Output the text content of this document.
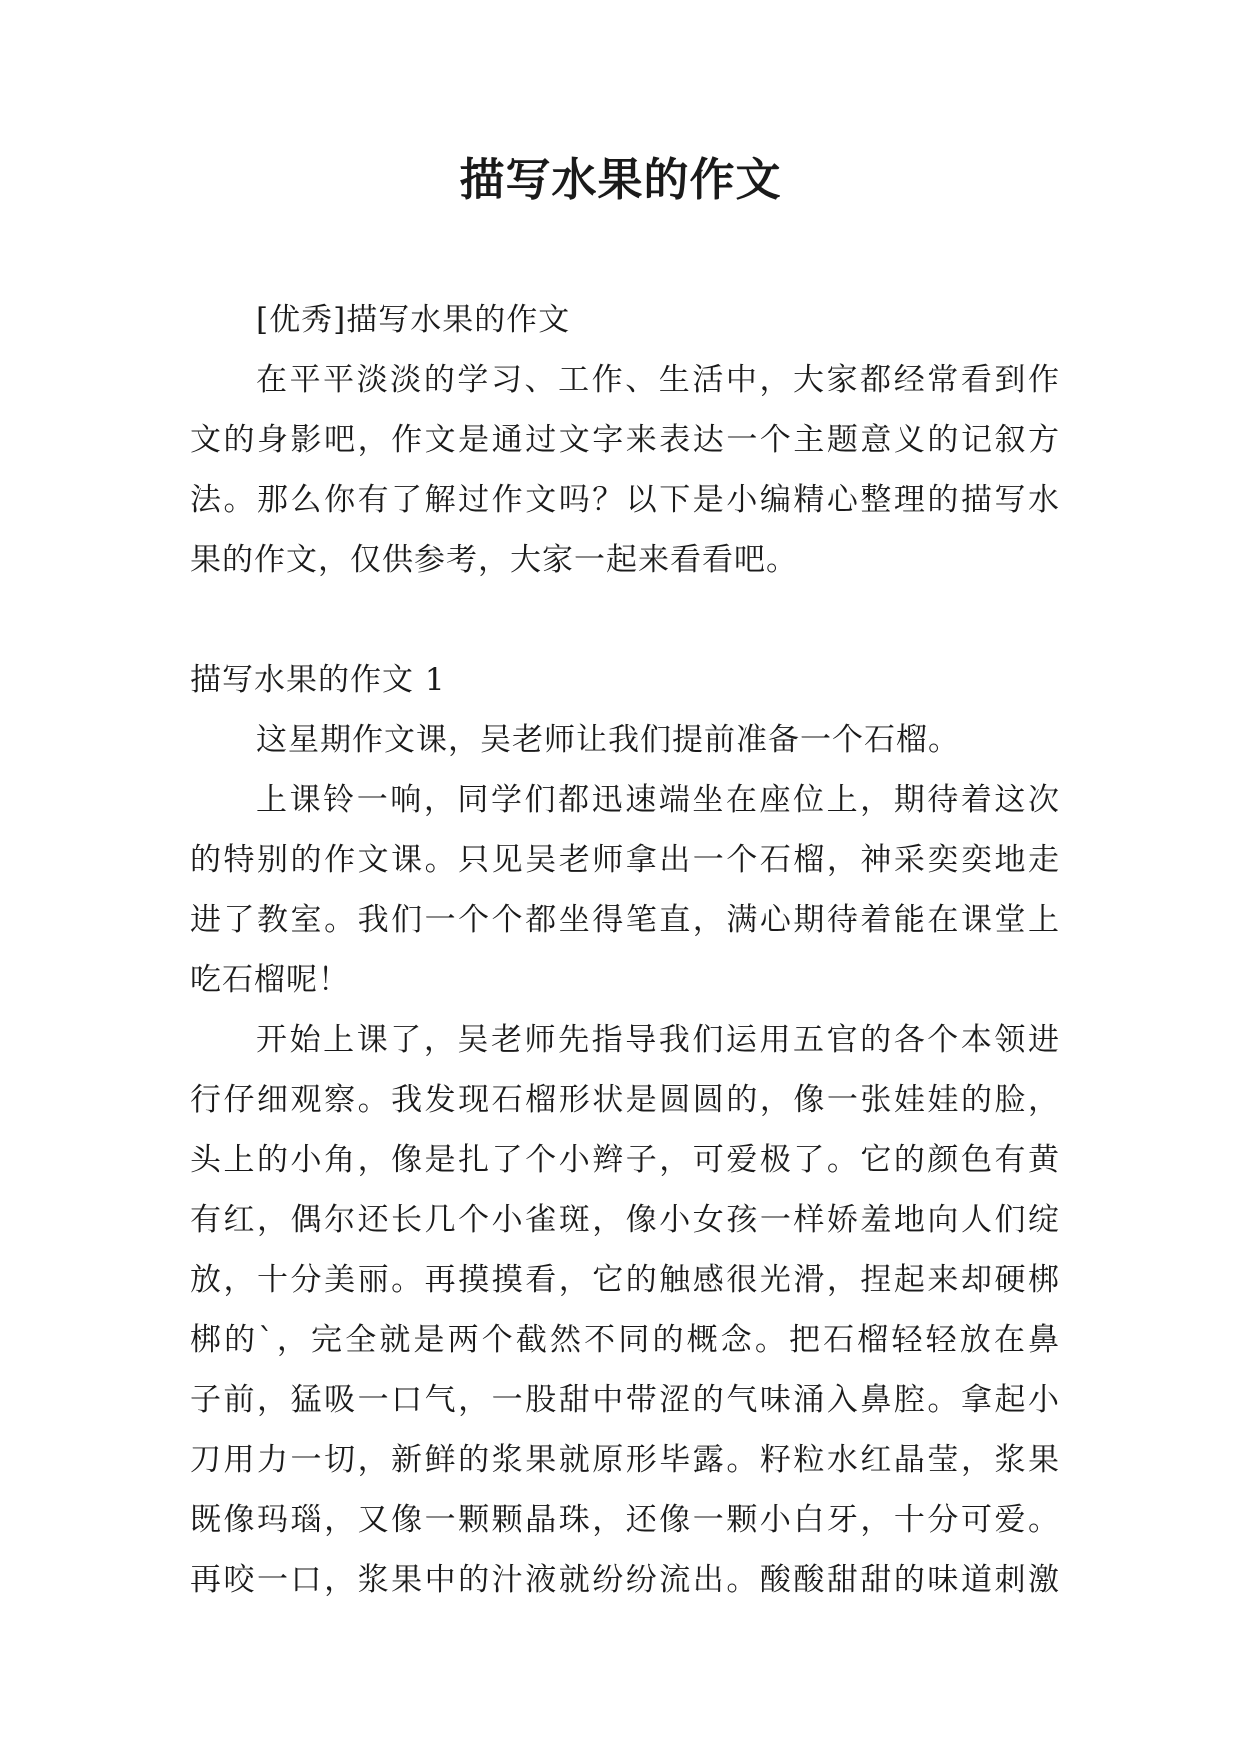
描写水果的作文

[优秀]描写水果的作文

在平平淡淡的学习、工作、生活中，大家都经常看到作

文的身影吧，作文是通过文字来表达一个主题意义的记叙方

法。那么你有了解过作文吗？以下是小编精心整理的描写水

果的作文，仅供参考，大家一起来看看吧。

描写水果的作文 1

这星期作文课，吴老师让我们提前准备一个石榴。

上课铃一响，同学们都迅速端坐在座位上，期待着这次

的特别的作文课。只见吴老师拿出一个石榴，神采奕奕地走

进了教室。我们一个个都坐得笔直，满心期待着能在课堂上

吃石榴呢！

开始上课了，吴老师先指导我们运用五官的各个本领进

行仔细观察。我发现石榴形状是圆圆的，像一张娃娃的脸，

头上的小角，像是扎了个小辫子，可爱极了。它的颜色有黄

有红，偶尔还长几个小雀斑，像小女孩一样娇羞地向人们绽

放，十分美丽。再摸摸看，它的触感很光滑，捏起来却硬梆

梆的`，完全就是两个截然不同的概念。把石榴轻轻放在鼻

子前，猛吸一口气，一股甜中带涩的气味涌入鼻腔。拿起小

刀用力一切，新鲜的浆果就原形毕露。籽粒水红晶莹，浆果

既像玛瑙，又像一颗颗晶珠，还像一颗小白牙，十分可爱。

再咬一口，浆果中的汁液就纷纷流出。酸酸甜甜的味道刺激
